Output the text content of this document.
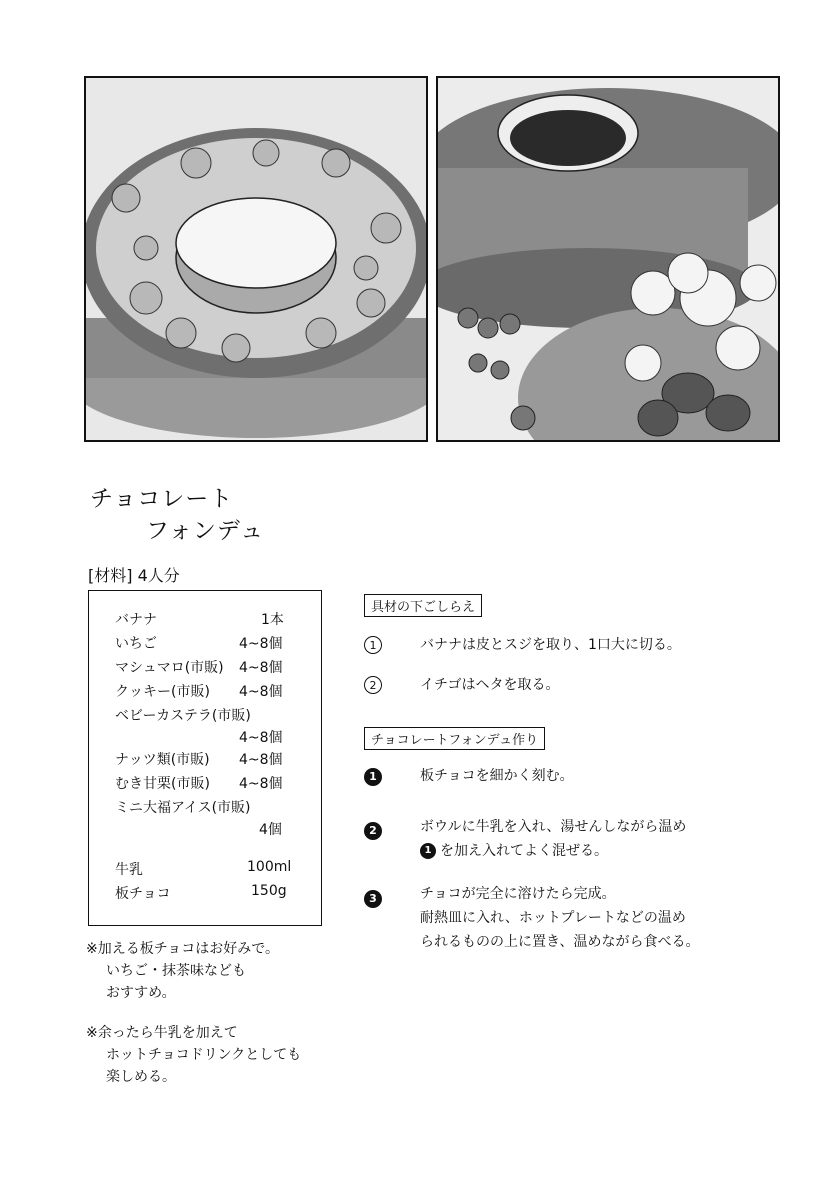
チョコレート
フォンデュ
[材料] 4人分
バナナ	1本
いちご	4~8個
マシュマロ(市販) 4~8個
クッキー(市販) 4~8個
ベビーカステラ(市販)
4~8個
ナッツ類(市販) 4~8個
むき甘栗(市販) 4~8個
ミニ大福アイス(市販)
4個
牛乳	100ml
板チョコ	150g
※加える板チョコはお好みで。
いちご・抹茶味なども
おすすめ。
※余ったら牛乳を加えて
ホットチョコドリンクとしても
楽しめる。
具材の下ごしらえ
1	バナナは皮とスジを取り、1口大に切る。
2	イチゴはヘタを取る。
チョコレートフォンデュ作り
1	板チョコを細かく刻む。
2	ボウルに牛乳を入れ、湯せんしながら温め
1 を加え入れてよく混ぜる。
3	チョコが完全に溶けたら完成。
耐熱皿に入れ、ホットプレートなどの温め
られるものの上に置き、温めながら食べる。
